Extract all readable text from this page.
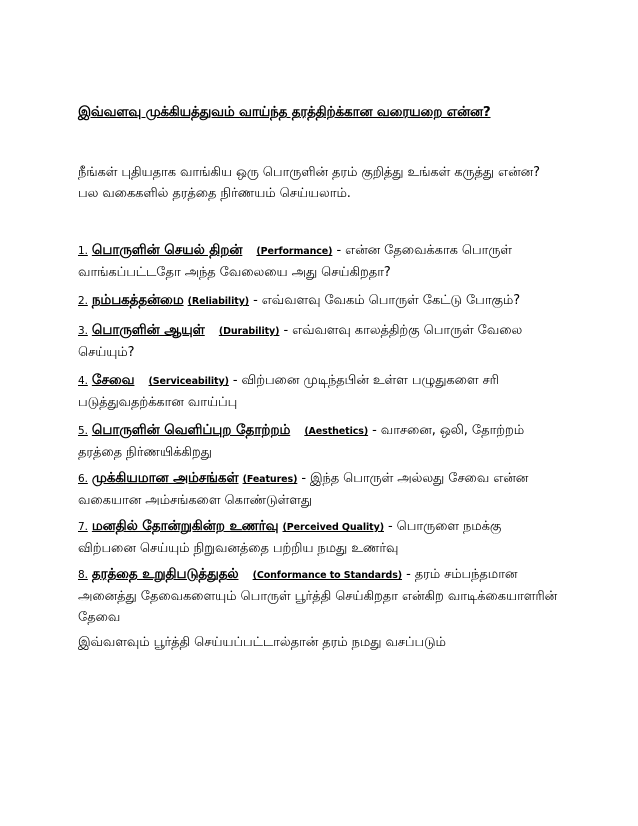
இவ்வளவு முக்கியத்துவம் வாய்ந்த தரத்திற்க்கான வரையறை என்ன?
நீங்கள் புதியதாக வாங்கிய ஒரு பொருளின் தரம் குறித்து உங்கள் கருத்து என்ன? பல வகைகளில் தரத்தை நிர்ணயம் செய்யலாம்.
1. பொருளின் செயல் திறன் (Performance) - என்ன தேவைக்காக பொருள் வாங்கப்பட்டதோ அந்த வேலையை அது செய்கிறதா?
2. நம்பகத்தன்மை (Reliability) - எவ்வளவு வேகம் பொருள் கேட்டு போகும்?
3. பொருளின் ஆயுள் (Durability) - எவ்வளவு காலத்திற்கு பொருள் வேலை செய்யும்?
4. சேவை (Serviceability) - விற்பனை முடிந்தபின் உள்ள பழுதுகளை சரி படுத்துவதற்க்கான வாய்ப்பு
5. பொருளின் வெளிப்புற தோற்றம் (Aesthetics) - வாசனை, ஒலி, தோற்றம் தரத்தை நிர்ணயிக்கிறது
6. முக்கியமான அம்சங்கள் (Features) - இந்த பொருள் அல்லது சேவை என்ன வகையான அம்சங்களை கொண்டுள்ளது
7. மனதில் தோன்றுகின்ற உணர்வு (Perceived Quality) - பொருளை நமக்கு விற்பனை செய்யும் நிறுவனத்தை பற்றிய நமது உணர்வு
8. தரத்தை உறுதிபடுத்துதல் (Conformance to Standards) - தரம் சம்பந்தமான அனைத்து தேவைகளையும் பொருள் பூர்த்தி செய்கிறதா என்கிற வாடிக்கையாளரின் தேவை
இவ்வளவும் பூர்த்தி செய்யப்பட்டால்தான் தரம் நமது வசப்படும்
